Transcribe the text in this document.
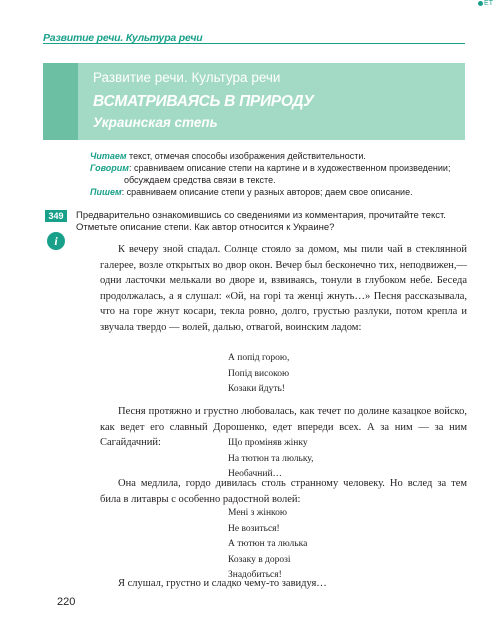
ЕТ
Развитие речи. Культура речи
Развитие речи. Культура речи
ВСМАТРИВАЯСЬ В ПРИРОДУ
Украинская степь
Читаем текст, отмечая способы изображения действительности.
Говорим: сравниваем описание степи на картине и в художественном произведении; обсуждаем средства связи в тексте.
Пишем: сравниваем описание степи у разных авторов; даем свое описание.
349
i
Предварительно ознакомившись со сведениями из комментария, прочитайте текст. Отметьте описание степи. Как автор относится к Украине?

К вечеру зной спадал. Солнце стояло за домом, мы пили чай в стеклянной галерее, возле открытых во двор окон. Вечер был бесконечно тих, неподвижен,— одни ласточки мелькали во дворе и, взвиваясь, тонули в глубоком небе. Беседа продолжалась, а я слушал: «Ой, на горі та женці жнуть…» Песня рассказывала, что на горе жнут косари, текла ровно, долго, грустью разлуки, потом крепла и звучала твердо — волей, далью, отвагой, воинским ладом:

А попід горою,
Попід високою
Козаки йдуть!

Песня протяжно и грустно любовалась, как течет по долине казацкое войско, как ведет его славный Дорошенко, едет впереди всех. А за ним — за ним Сагайдачний:	Що проміняв жінку
На тютюн та люльку,
Необачний…

Она медлила, гордо дивилась столь странному человеку. Но вслед за тем била в литавры с особенно радостной волей:

Мені з жінкою
Не возиться!
А тютюн та люлька
Козаку в дорозі
Знадобиться!

Я слушал, грустно и сладко чему-то завидуя…

220
